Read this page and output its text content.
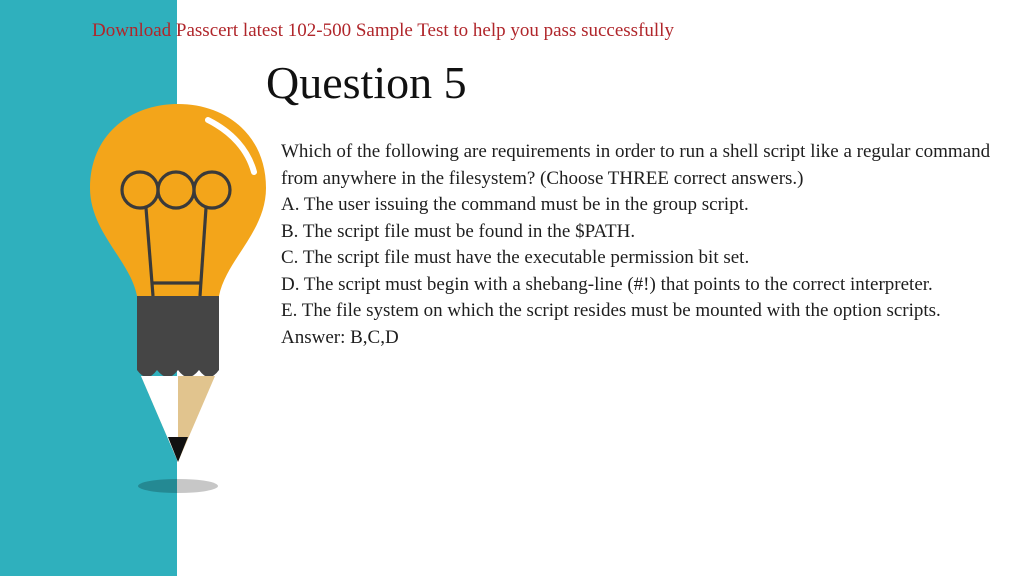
Download Passcert latest 102-500 Sample Test to help you pass successfully
Question 5
Which of the following are requirements in order to run a shell script like a regular command from anywhere in the filesystem? (Choose THREE correct answers.)
A. The user issuing the command must be in the group script.
B. The script file must be found in the $PATH.
C. The script file must have the executable permission bit set.
D. The script must begin with a shebang-line (#!) that points to the correct interpreter.
E. The file system on which the script resides must be mounted with the option scripts.
Answer: B,C,D
